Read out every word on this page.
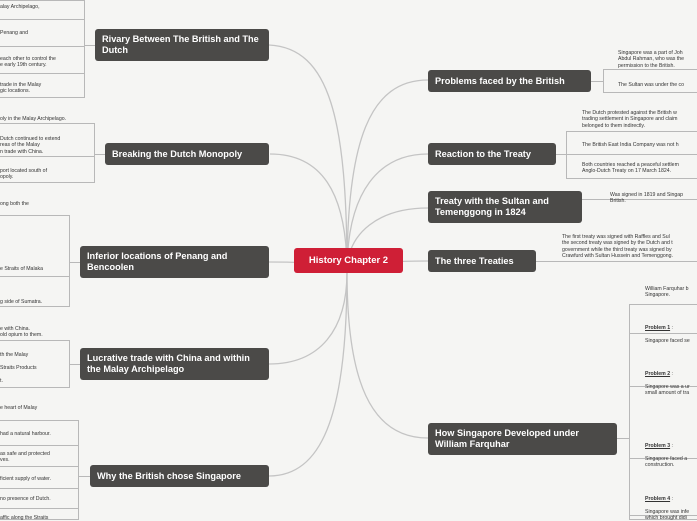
History Chapter 2
Rivary Between The British and The Dutch
Breaking the Dutch Monopoly
Inferior locations of Penang and Bencoolen
Lucrative trade with China and within the Malay Archipelago
Why the British chose Singapore
Problems faced by the British
Reaction to the Treaty
Treaty with the Sultan and Temenggong in 1824
The three Treaties
How Singapore Developed under William Farquhar
alay Archipelago,
Penang and
each other to control the
e early 19th century.
trade in the Malay
gic locations.
oly in the Malay Archipelago.
Dutch continued to extend
reas of the Malay
n trade with China.
port located south of
opoly.
ong both the
e Straits of Malaka
g side of Sumatra.
e with China.
old opium to them.
th the Malay
Straits Products
t.
e heart of Malay
had a natural harbour.
as safe and protected
ves.
ficient supply of water.
no presence of Dutch.
affic along the Straits
Singapore was a part of Joh
Abdul Rahman, who was the
permission to the British.
The Sultan was under the co
The Dutch protested against the British w
trading settlement in Singapore and claim
belonged to them indirectly.
The British East India Company was not h
Both countries reached a peaceful settlem
Anglo-Dutch Treaty on 17 March 1824.
Was signed in 1819 and Singap
British.
The first treaty was signed with Raffles and Sul
the second treaty was signed by the Dutch and t
government while the third treaty was signed by
Crawfurd with Sultan Hussein and Temenggong.
William Farquhar b
Singapore.

Problem 1 :

Singapore faced se

Problem 2 :

Singapore was a ur
small amount of tra

Problem 3 :

Singapore faced a
construction.

Problem 4 :

Singapore was infe
which brought didi
